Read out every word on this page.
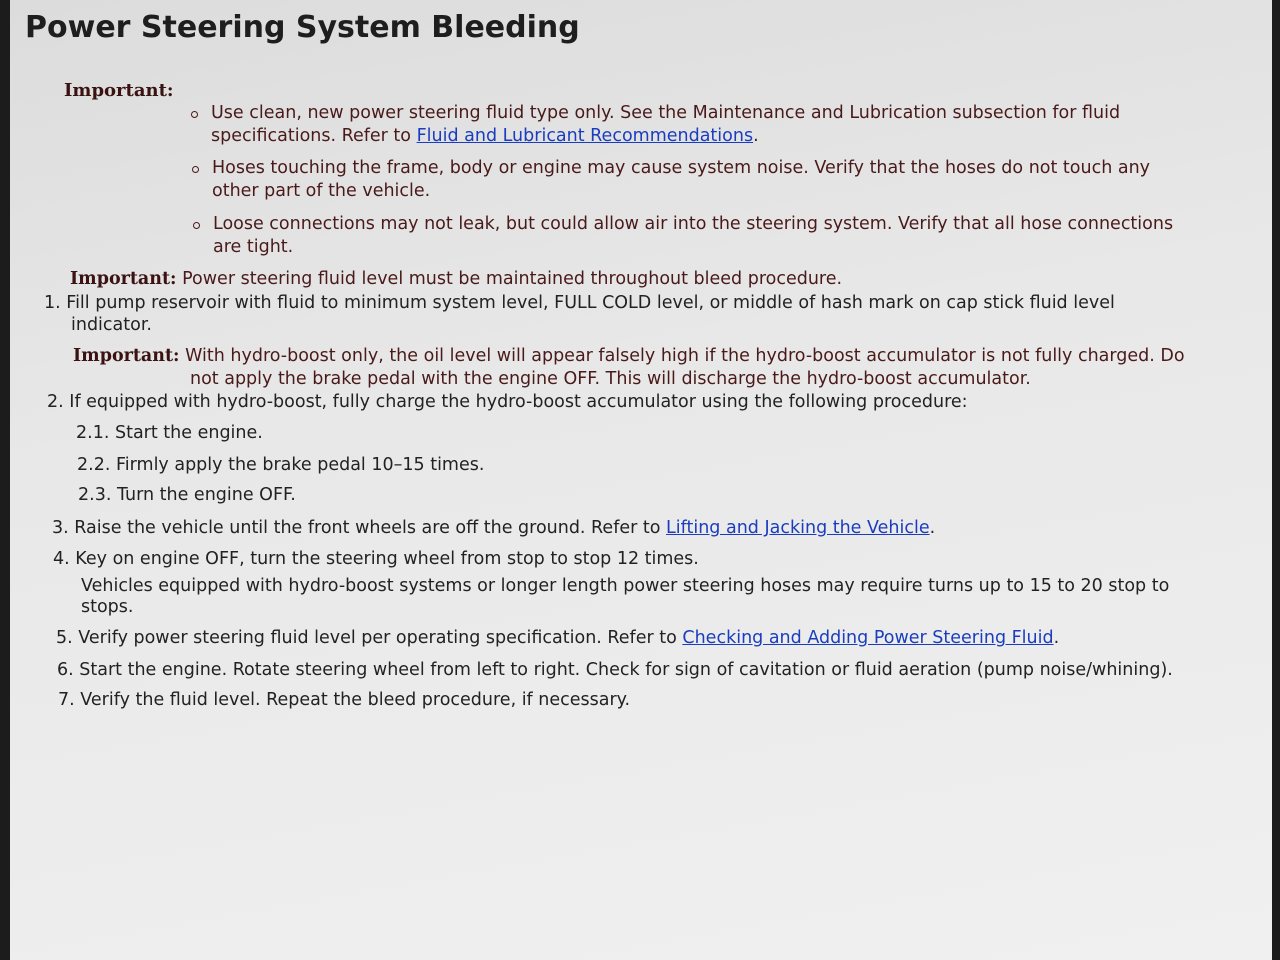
Power Steering System Bleeding
Important:
Use clean, new power steering fluid type only. See the Maintenance and Lubrication subsection for fluid
specifications. Refer to Fluid and Lubricant Recommendations.
Hoses touching the frame, body or engine may cause system noise. Verify that the hoses do not touch any
other part of the vehicle.
Loose connections may not leak, but could allow air into the steering system. Verify that all hose connections
are tight.
Important: Power steering fluid level must be maintained throughout bleed procedure.
1. Fill pump reservoir with fluid to minimum system level, FULL COLD level, or middle of hash mark on cap stick fluid level
indicator.
Important: With hydro-boost only, the oil level will appear falsely high if the hydro-boost accumulator is not fully charged. Do
not apply the brake pedal with the engine OFF. This will discharge the hydro-boost accumulator.
2. If equipped with hydro-boost, fully charge the hydro-boost accumulator using the following procedure:
2.1. Start the engine.
2.2. Firmly apply the brake pedal 10–15 times.
2.3. Turn the engine OFF.
3. Raise the vehicle until the front wheels are off the ground. Refer to Lifting and Jacking the Vehicle.
4. Key on engine OFF, turn the steering wheel from stop to stop 12 times.
Vehicles equipped with hydro-boost systems or longer length power steering hoses may require turns up to 15 to 20 stop to
stops.
5. Verify power steering fluid level per operating specification. Refer to Checking and Adding Power Steering Fluid.
6. Start the engine. Rotate steering wheel from left to right. Check for sign of cavitation or fluid aeration (pump noise/whining).
7. Verify the fluid level. Repeat the bleed procedure, if necessary.
